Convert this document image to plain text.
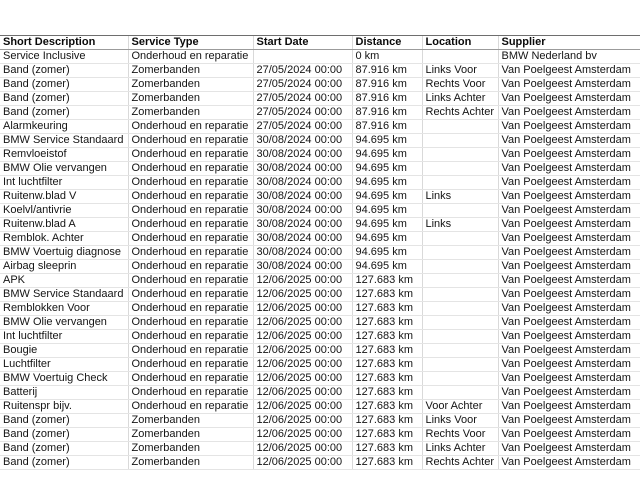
Short Description	Service Type	Start Date	Distance	Location	Supplier
Service Inclusive	Onderhoud en reparatie		0 km		BMW Nederland bv
Band (zomer)	Zomerbanden	27/05/2024 00:00	87.916 km	Links Voor	Van Poelgeest Amsterdam
Band (zomer)	Zomerbanden	27/05/2024 00:00	87.916 km	Rechts Voor	Van Poelgeest Amsterdam
Band (zomer)	Zomerbanden	27/05/2024 00:00	87.916 km	Links Achter	Van Poelgeest Amsterdam
Band (zomer)	Zomerbanden	27/05/2024 00:00	87.916 km	Rechts Achter	Van Poelgeest Amsterdam
Alarmkeuring	Onderhoud en reparatie	27/05/2024 00:00	87.916 km		Van Poelgeest Amsterdam
BMW Service Standaard	Onderhoud en reparatie	30/08/2024 00:00	94.695 km		Van Poelgeest Amsterdam
Remvloeistof	Onderhoud en reparatie	30/08/2024 00:00	94.695 km		Van Poelgeest Amsterdam
BMW Olie vervangen	Onderhoud en reparatie	30/08/2024 00:00	94.695 km		Van Poelgeest Amsterdam
Int luchtfilter	Onderhoud en reparatie	30/08/2024 00:00	94.695 km		Van Poelgeest Amsterdam
Ruitenw.blad V	Onderhoud en reparatie	30/08/2024 00:00	94.695 km	Links	Van Poelgeest Amsterdam
Koelvl/antivrie	Onderhoud en reparatie	30/08/2024 00:00	94.695 km		Van Poelgeest Amsterdam
Ruitenw.blad A	Onderhoud en reparatie	30/08/2024 00:00	94.695 km	Links	Van Poelgeest Amsterdam
Remblok. Achter	Onderhoud en reparatie	30/08/2024 00:00	94.695 km		Van Poelgeest Amsterdam
BMW Voertuig diagnose	Onderhoud en reparatie	30/08/2024 00:00	94.695 km		Van Poelgeest Amsterdam
Airbag sleeprin	Onderhoud en reparatie	30/08/2024 00:00	94.695 km		Van Poelgeest Amsterdam
APK	Onderhoud en reparatie	12/06/2025 00:00	127.683 km		Van Poelgeest Amsterdam
BMW Service Standaard	Onderhoud en reparatie	12/06/2025 00:00	127.683 km		Van Poelgeest Amsterdam
Remblokken Voor	Onderhoud en reparatie	12/06/2025 00:00	127.683 km		Van Poelgeest Amsterdam
BMW Olie vervangen	Onderhoud en reparatie	12/06/2025 00:00	127.683 km		Van Poelgeest Amsterdam
Int luchtfilter	Onderhoud en reparatie	12/06/2025 00:00	127.683 km		Van Poelgeest Amsterdam
Bougie	Onderhoud en reparatie	12/06/2025 00:00	127.683 km		Van Poelgeest Amsterdam
Luchtfilter	Onderhoud en reparatie	12/06/2025 00:00	127.683 km		Van Poelgeest Amsterdam
BMW Voertuig Check	Onderhoud en reparatie	12/06/2025 00:00	127.683 km		Van Poelgeest Amsterdam
Batterij	Onderhoud en reparatie	12/06/2025 00:00	127.683 km		Van Poelgeest Amsterdam
Ruitenspr bijv.	Onderhoud en reparatie	12/06/2025 00:00	127.683 km	Voor Achter	Van Poelgeest Amsterdam
Band (zomer)	Zomerbanden	12/06/2025 00:00	127.683 km	Links Voor	Van Poelgeest Amsterdam
Band (zomer)	Zomerbanden	12/06/2025 00:00	127.683 km	Rechts Voor	Van Poelgeest Amsterdam
Band (zomer)	Zomerbanden	12/06/2025 00:00	127.683 km	Links Achter	Van Poelgeest Amsterdam
Band (zomer)	Zomerbanden	12/06/2025 00:00	127.683 km	Rechts Achter	Van Poelgeest Amsterdam
